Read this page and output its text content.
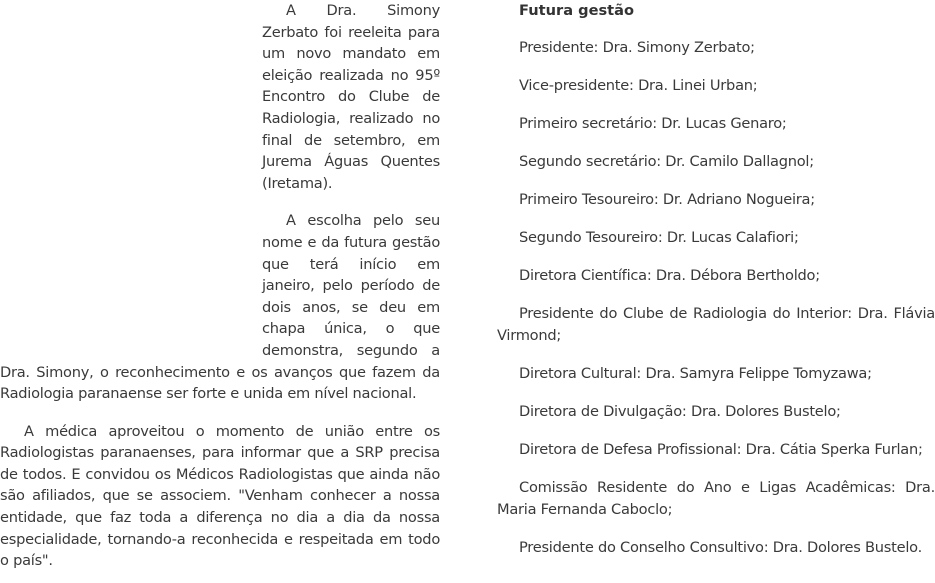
A Dra. Simony Zerbato foi reeleita para um novo mandato em eleição realizada no 95º Encontro do Clube de Radiologia, realizado no final de setembro, em Jurema Águas Quentes (Iretama).

A escolha pelo seu nome e da futura gestão que terá início em janeiro, pelo período de dois anos, se deu em chapa única, o que demonstra, segundo a Dra. Simony, o reconhecimento e os avanços que fazem da Radiologia paranaense ser forte e unida em nível nacional.

A médica aproveitou o momento de união entre os Radiologistas paranaenses, para informar que a SRP precisa de todos. E convidou os Médicos Radiologistas que ainda não são afiliados, que se associem. "Venham conhecer a nossa entidade, que faz toda a diferença no dia a dia da nossa especialidade, tornando-a reconhecida e respeitada em todo o país".

Futura gestão
Presidente: Dra. Simony Zerbato;
Vice-presidente: Dra. Linei Urban;
Primeiro secretário: Dr. Lucas Genaro;
Segundo secretário: Dr. Camilo Dallagnol;
Primeiro Tesoureiro: Dr. Adriano Nogueira;
Segundo Tesoureiro: Dr. Lucas Calafiori;
Diretora Científica: Dra. Débora Bertholdo;
Presidente do Clube de Radiologia do Interior: Dra. Flávia Virmond;
Diretora Cultural: Dra. Samyra Felippe Tomyzawa;
Diretora de Divulgação: Dra. Dolores Bustelo;
Diretora de Defesa Profissional: Dra. Cátia Sperka Furlan;
Comissão Residente do Ano e Ligas Acadêmicas: Dra. Maria Fernanda Caboclo;
Presidente do Conselho Consultivo: Dra. Dolores Bustelo.
